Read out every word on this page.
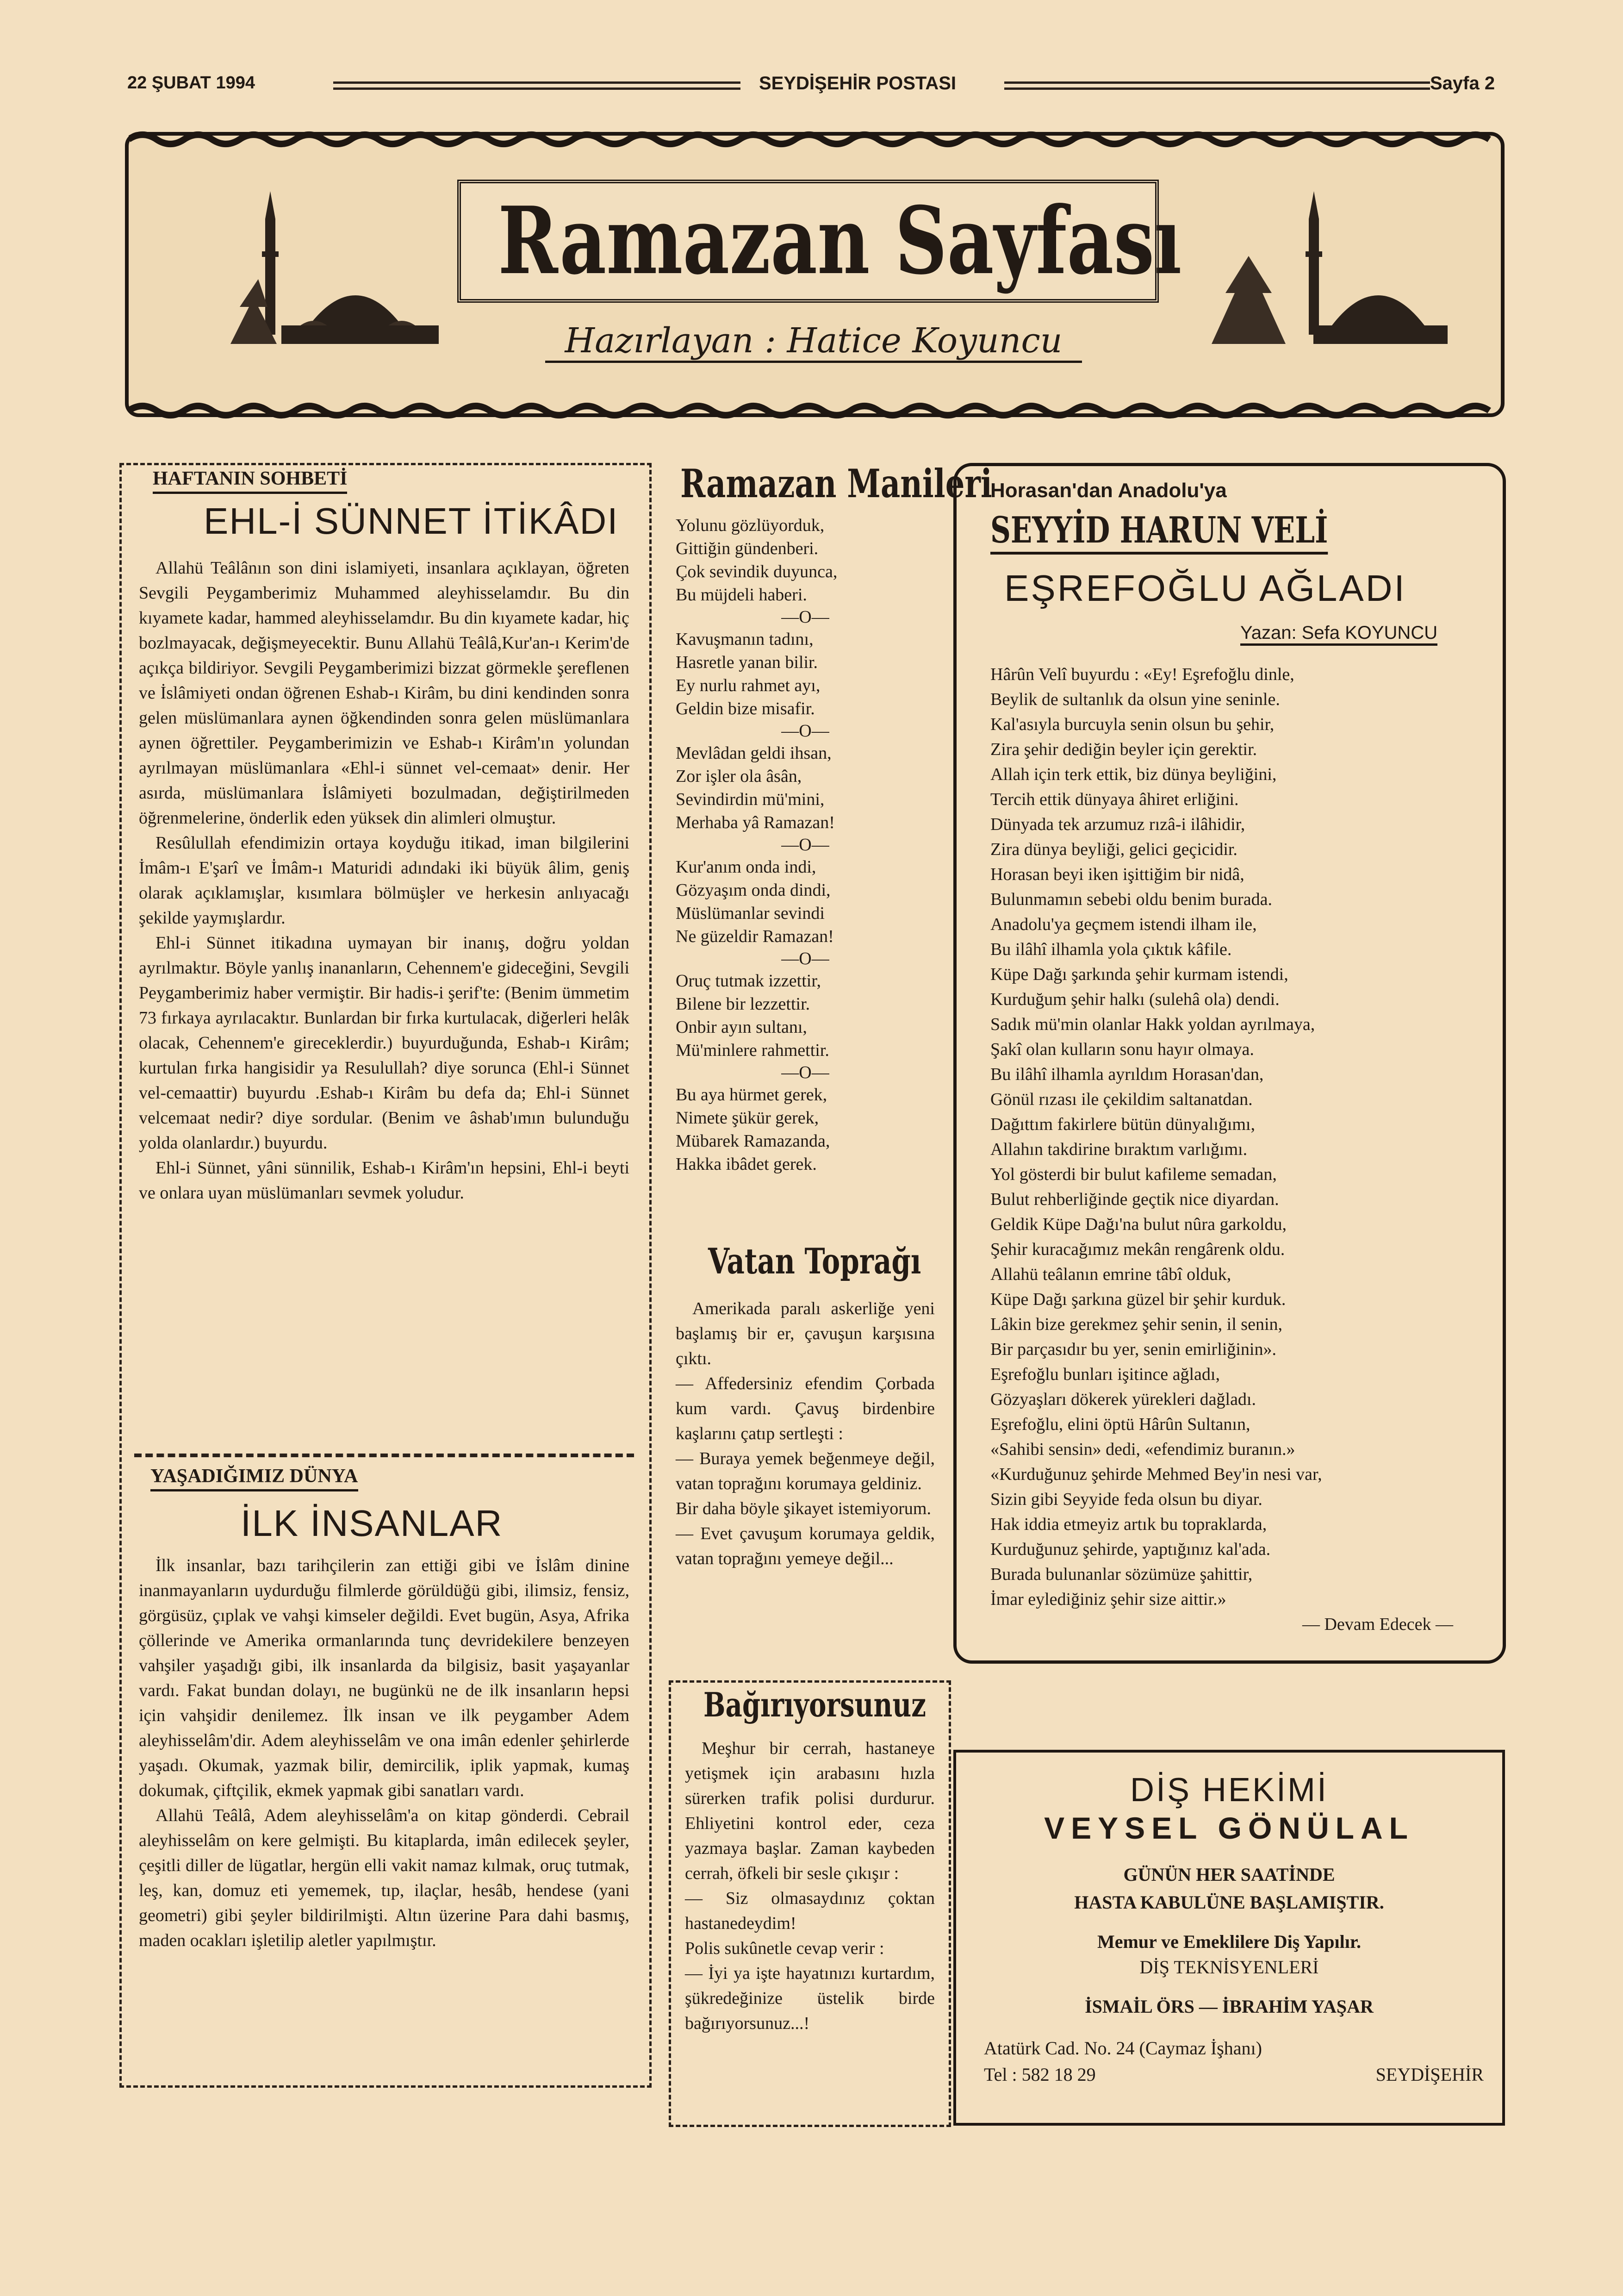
22 ŞUBAT 1994	SEYDİŞEHİR POSTASI	Sayfa 2
Ramazan Sayfası
Hazırlayan : Hatice Koyuncu
HAFTANIN SOHBETİ
EHL-İ SÜNNET İTİKÂDI

Allahü Teâlânın son dini islamiyeti, insanlara açıklayan, öğreten Sevgili Peygamberimiz Muhammed aleyhisselamdır. Bu din kıyamete kadar, hammed aleyhisselamdır. Bu din kıyamete kadar, hiç bozlmayacak, değişmeyecektir. Bunu Allahü Teâlâ,Kur'an-ı Kerim'de açıkça bildiriyor. Sevgili Peygamberimizi bizzat görmekle şereflenen ve İslâmiyeti ondan öğrenen Eshab-ı Kirâm, bu dini kendinden sonra gelen müslümanlara aynen öğkendinden sonra gelen müslümanlara aynen öğrettiler. Peygamberimizin ve Eshab-ı Kirâm'ın yolundan ayrılmayan müslümanlara «Ehl-i sünnet vel-cemaat» denir. Her asırda, müslümanlara İslâmiyeti bozulmadan, değiştirilmeden öğrenmelerine, önderlik eden yüksek din alimleri olmuştur.

Resûlullah efendimizin ortaya koyduğu itikad, iman bilgilerini İmâm-ı E'şarî ve İmâm-ı Maturidi adındaki iki büyük âlim, geniş olarak açıklamışlar, kısımlara bölmüşler ve herkesin anlıyacağı şekilde yaymışlardır.

Ehl-i Sünnet itikadına uymayan bir inanış, doğru yoldan ayrılmaktır. Böyle yanlış inananların, Cehennem'e gideceğini, Sevgili Peygamberimiz haber vermiştir. Bir hadis-i şerif'te: (Benim ümmetim 73 fırkaya ayrılacaktır. Bunlardan bir fırka kurtulacak, diğerleri helâk olacak, Cehennem'e gireceklerdir.) buyurduğunda, Eshab-ı Kirâm; kurtulan fırka hangisidir ya Resulullah? diye sorunca (Ehl-i Sünnet vel-cemaattir) buyurdu .Eshab-ı Kirâm bu defa da; Ehl-i Sünnet velcemaat nedir? diye sordular. (Benim ve âshab'ımın bulunduğu yolda olanlardır.) buyurdu.

Ehl-i Sünnet, yâni sünnilik, Eshab-ı Kirâm'ın hepsini, Ehl-i beyti ve onlara uyan müslümanları sevmek yoludur.

YAŞADIĞIMIZ DÜNYA
İLK İNSANLAR

İlk insanlar, bazı tarihçilerin zan ettiği gibi ve İslâm dinine inanmayanların uydurduğu filmlerde görüldüğü gibi, ilimsiz, fensiz, görgüsüz, çıplak ve vahşi kimseler değildi. Evet bugün, Asya, Afrika çöllerinde ve Amerika ormanlarında tunç devridekilere benzeyen vahşiler yaşadığı gibi, ilk insanlarda da bilgisiz, basit yaşayanlar vardı. Fakat bundan dolayı, ne bugünkü ne de ilk insanların hepsi için vahşidir denilemez. İlk insan ve ilk peygamber Adem aleyhisselâm'dir. Adem aleyhisselâm ve ona imân edenler şehirlerde yaşadı. Okumak, yazmak bilir, demircilik, iplik yapmak, kumaş dokumak, çiftçilik, ekmek yapmak gibi sanatları vardı.

Allahü Teâlâ, Adem aleyhisselâm'a on kitap gönderdi. Cebrail aleyhisselâm on kere gelmişti. Bu kitaplarda, imân edilecek şeyler, çeşitli diller de lügatlar, hergün elli vakit namaz kılmak, oruç tutmak, leş, kan, domuz eti yememek, tıp, ilaçlar, hesâb, hendese (yani geometri) gibi şeyler bildirilmişti. Altın üzerine Para dahi basmış, maden ocakları işletilip aletler yapılmıştır.

Ramazan Manileri
Yolunu gözlüyorduk,
Gittiğin gündenberi.
Çok sevindik duyunca,
Bu müjdeli haberi.
—O—
Kavuşmanın tadını,
Hasretle yanan bilir.
Ey nurlu rahmet ayı,
Geldin bize misafir.
—O—
Mevlâdan geldi ihsan,
Zor işler ola âsân,
Sevindirdin mü'mini,
Merhaba yâ Ramazan!
—O—
Kur'anım onda indi,
Gözyaşım onda dindi,
Müslümanlar sevindi
Ne güzeldir Ramazan!
—O—
Oruç tutmak izzettir,
Bilene bir lezzettir.
Onbir ayın sultanı,
Mü'minlere rahmettir.
—O—
Bu aya hürmet gerek,
Nimete şükür gerek,
Mübarek Ramazanda,
Hakka ibâdet gerek.
Vatan Toprağı

Amerikada paralı askerliğe yeni başlamış bir er, çavuşun karşısına çıktı.

— Affedersiniz efendim Çorbada kum vardı. Çavuş birdenbire kaşlarını çatıp sertleşti :

— Buraya yemek beğenmeye değil, vatan toprağını korumaya geldiniz.

Bir daha böyle şikayet istemiyorum.

— Evet çavuşum korumaya geldik, vatan toprağını yemeye değil...

Bağırıyorsunuz

Meşhur bir cerrah, hastaneye yetişmek için arabasını hızla sürerken trafik polisi durdurur. Ehliyetini kontrol eder, ceza yazmaya başlar. Zaman kaybeden cerrah, öfkeli bir sesle çıkışır :

— Siz olmasaydınız çoktan hastanedeydim!

Polis sukûnetle cevap verir :

— İyi ya işte hayatınızı kurtardım, şükredeğinize üstelik birde bağırıyorsunuz...!

Horasan'dan Anadolu'ya
SEYYİD HARUN VELİ
EŞREFOĞLU AĞLADI
Yazan: Sefa KOYUNCU
Hârûn Velî buyurdu : «Ey! Eşrefoğlu dinle,
Beylik de sultanlık da olsun yine seninle.
Kal'asıyla burcuyla senin olsun bu şehir,
Zira şehir dediğin beyler için gerektir.
Allah için terk ettik, biz dünya beyliğini,
Tercih ettik dünyaya âhiret erliğini.
Dünyada tek arzumuz rızâ-i ilâhidir,
Zira dünya beyliği, gelici geçicidir.
Horasan beyi iken işittiğim bir nidâ,
Bulunmamın sebebi oldu benim burada.
Anadolu'ya geçmem istendi ilham ile,
Bu ilâhî ilhamla yola çıktık kâfile.
Küpe Dağı şarkında şehir kurmam istendi,
Kurduğum şehir halkı (sulehâ ola) dendi.
Sadık mü'min olanlar Hakk yoldan ayrılmaya,
Şakî olan kulların sonu hayır olmaya.
Bu ilâhî ilhamla ayrıldım Horasan'dan,
Gönül rızası ile çekildim saltanatdan.
Dağıttım fakirlere bütün dünyalığımı,
Allahın takdirine bıraktım varlığımı.
Yol gösterdi bir bulut kafileme semadan,
Bulut rehberliğinde geçtik nice diyardan.
Geldik Küpe Dağı'na bulut nûra garkoldu,
Şehir kuracağımız mekân rengârenk oldu.
Allahü teâlanın emrine tâbî olduk,
Küpe Dağı şarkına güzel bir şehir kurduk.
Lâkin bize gerekmez şehir senin, il senin,
Bir parçasıdır bu yer, senin emirliğinin».
Eşrefoğlu bunları işitince ağladı,
Gözyaşları dökerek yürekleri dağladı.
Eşrefoğlu, elini öptü Hârûn Sultanın,
«Sahibi sensin» dedi, «efendimiz buranın.»
«Kurduğunuz şehirde Mehmed Bey'in nesi var,
Sizin gibi Seyyide feda olsun bu diyar.
Hak iddia etmeyiz artık bu topraklarda,
Kurduğunuz şehirde, yaptığınız kal'ada.
Burada bulunanlar sözümüze şahittir,
İmar eylediğiniz şehir size aittir.»
— Devam Edecek —
DİŞ HEKİMİ
VEYSEL GÖNÜLAL
GÜNÜN HER SAATİNDE
HASTA KABULÜNE BAŞLAMIŞTIR.
Memur ve Emeklilere Diş Yapılır.
DİŞ TEKNİSYENLERİ
İSMAİL ÖRS — İBRAHİM YAŞAR
Atatürk Cad. No. 24 (Caymaz İşhanı)
Tel : 582 18 29	SEYDİŞEHİR
